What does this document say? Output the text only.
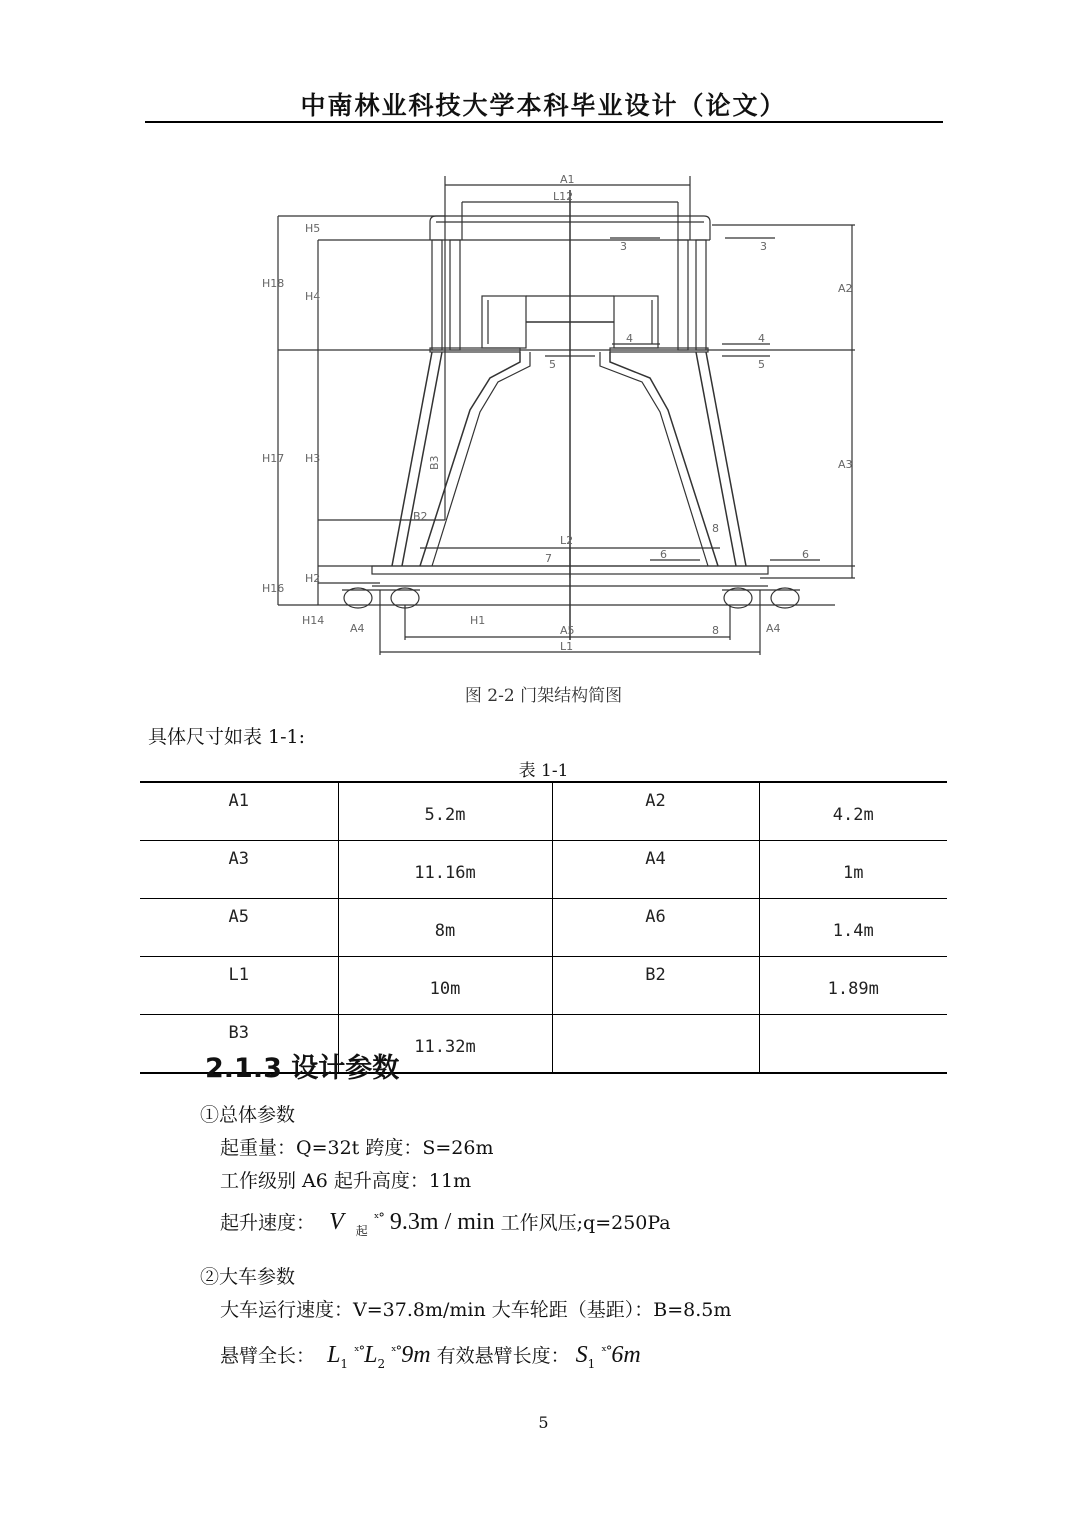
中南林业科技大学本科毕业设计（论文）
A1
L12
H5
H18
H4
H17 H3
H16
H2
H14	H1
A2
A3
A4	A4
A5
L1
L2
B2
B3
3	3
4	4
5	5
6	6
7
8
8
图 2-2 门架结构简图
具体尺寸如表 1-1:
表 1-1
A1	5.2m	A2	4.2m
A3	11.16m	A4	1m
A5	8m	A6	1.4m
L1	10m	B2	1.89m
B3	11.32m		
2.1.3 设计参数
①总体参数
起重量：Q=32t 跨度：S=26m
工作级别 A6 起升高度：11m
起升速度： V $_起$ $^{ˣ^\circ}$ 9.3m / min 工作风压;q=250Pa
②大车参数
大车运行速度：V=37.8m/min 大车轮距（基距）：B=8.5m
悬臂全长： $L_1$ $^{ˣ^\circ}L_2$ $^{ˣ^\circ}$9m 有效悬臂长度： $S_1$ $^{ˣ^\circ}$6m
5
